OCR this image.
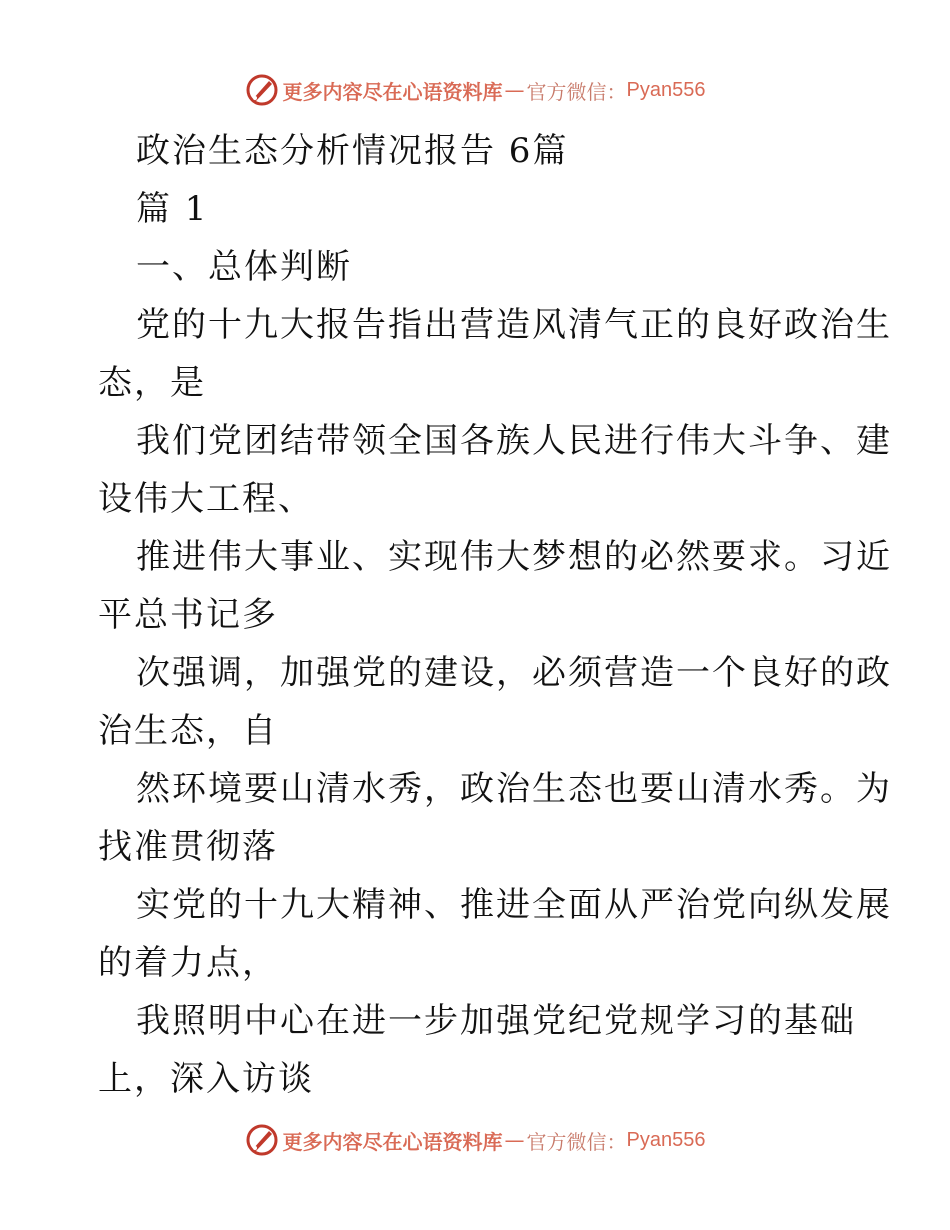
更多内容尽在心语资料库 — 官方微信： Pyan556
政治生态分析情况报告 6篇
篇 1
一、总体判断
党的十九大报告指出营造风清气正的良好政治生
态，是
我们党团结带领全国各族人民进行伟大斗争、建
设伟大工程、
推进伟大事业、实现伟大梦想的必然要求。习近
平总书记多
次强调，加强党的建设，必须营造一个良好的政
治生态，自
然环境要山清水秀，政治生态也要山清水秀。为
找准贯彻落
实党的十九大精神、推进全面从严治党向纵发展
的着力点，
我照明中心在进一步加强党纪党规学习的基础
上，深入访谈
更多内容尽在心语资料库 — 官方微信： Pyan556
